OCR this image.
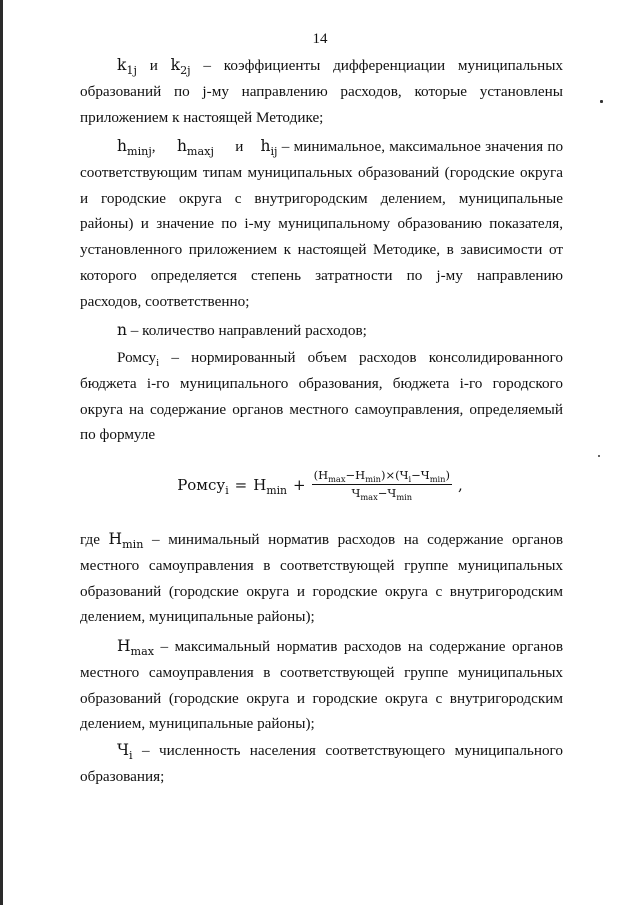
14
$k_{1j}$ и $k_{2j}$ – коэффициенты дифференциации муниципальных образований по j-му направлению расходов, которые установлены приложением к настоящей Методике;
$h_{minj}$,     $h_{maxj}$ и $h_{ij}$ – минимальное, максимальное значения по соответствующим типам муниципальных образований (городские округа и городские округа с внутригородским делением, муниципальные районы) и значение по i-му муниципальному образованию показателя, установленного приложением к настоящей Методике, в зависимости от которого определяется степень затратности по j-му направлению расходов, соответственно;
n – количество направлений расходов;
Ромсу$_i$ – нормированный объем расходов консолидированного бюджета i-го муниципального образования, бюджета i-го городского округа на содержание органов местного самоуправления, определяемый по формуле
Ромсу$_i$ = $Н_{min} + \frac{(Н_{max}-Н_{min})\times(Ч_i-Ч_{min})}{Ч_{max}-Ч_{min}}$ ,
где $Н_{min}$ – минимальный норматив расходов на содержание органов местного самоуправления в соответствующей группе муниципальных образований (городские округа и городские округа с внутригородским делением, муниципальные районы);
$Н_{max}$ – максимальный норматив расходов на содержание органов местного самоуправления в соответствующей группе муниципальных образований (городские округа и городские округа с внутригородским делением, муниципальные районы);
$Ч_i$ – численность населения соответствующего муниципального образования;
